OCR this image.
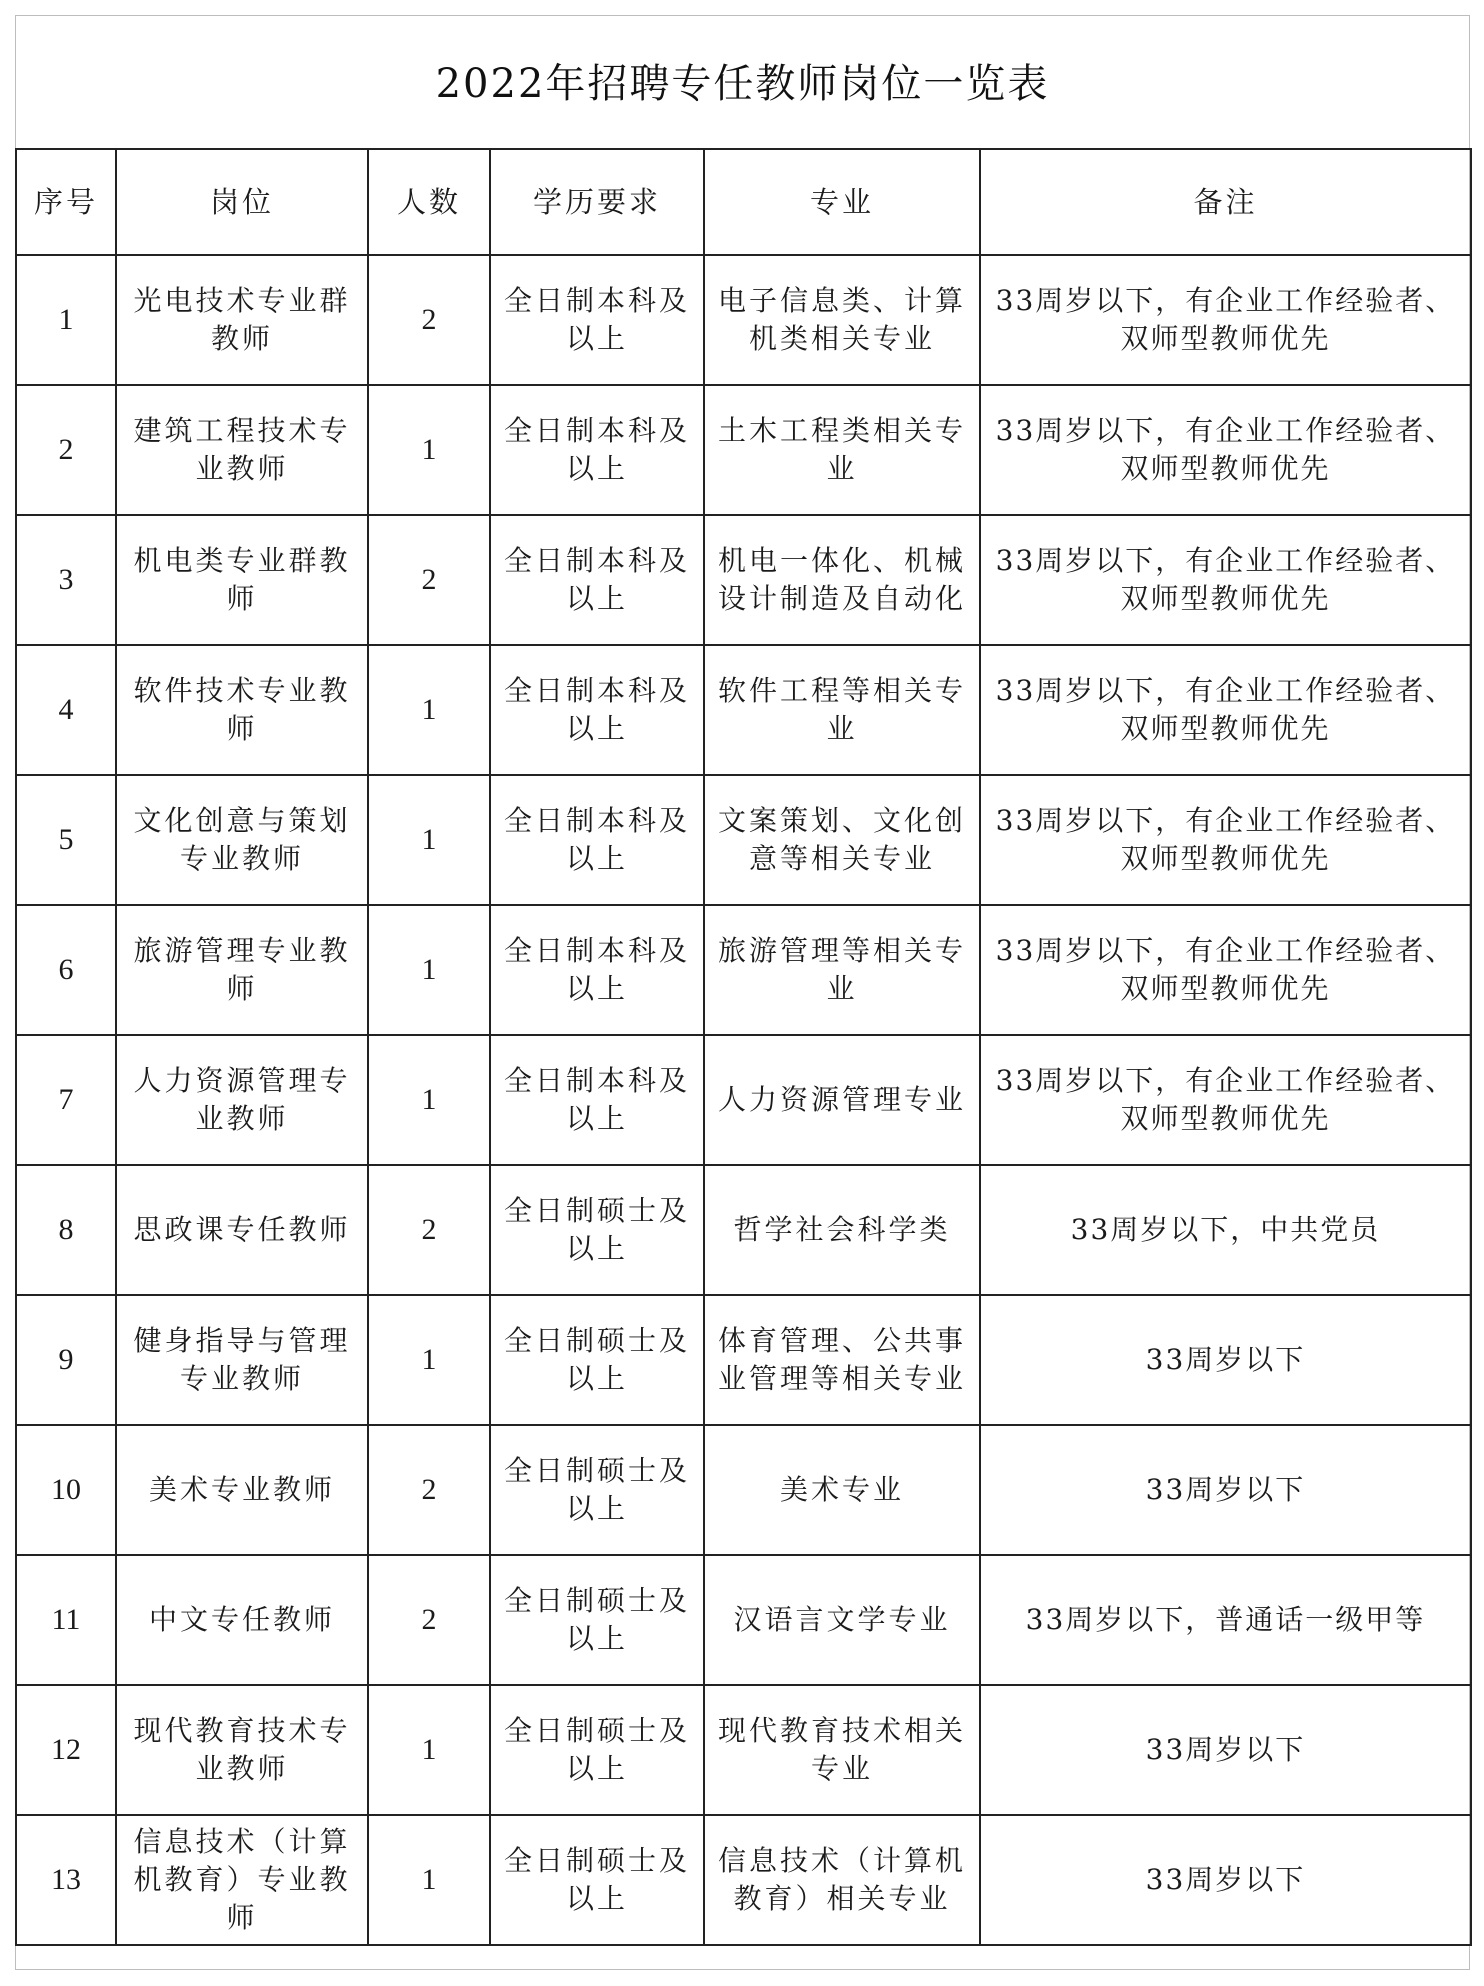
2022年招聘专任教师岗位一览表
序号	岗位	人数	学历要求	专业	备注
1	光电技术专业群教师	2	全日制本科及以上	电子信息类、计算机类相关专业	33周岁以下，有企业工作经验者、双师型教师优先
2	建筑工程技术专业教师	1	全日制本科及以上	土木工程类相关专业	33周岁以下，有企业工作经验者、双师型教师优先
3	机电类专业群教师	2	全日制本科及以上	机电一体化、机械设计制造及自动化	33周岁以下，有企业工作经验者、双师型教师优先
4	软件技术专业教师	1	全日制本科及以上	软件工程等相关专业	33周岁以下，有企业工作经验者、双师型教师优先
5	文化创意与策划专业教师	1	全日制本科及以上	文案策划、文化创意等相关专业	33周岁以下，有企业工作经验者、双师型教师优先
6	旅游管理专业教师	1	全日制本科及以上	旅游管理等相关专业	33周岁以下，有企业工作经验者、双师型教师优先
7	人力资源管理专业教师	1	全日制本科及以上	人力资源管理专业	33周岁以下，有企业工作经验者、双师型教师优先
8	思政课专任教师	2	全日制硕士及以上	哲学社会科学类	33周岁以下，中共党员
9	健身指导与管理专业教师	1	全日制硕士及以上	体育管理、公共事业管理等相关专业	33周岁以下
10	美术专业教师	2	全日制硕士及以上	美术专业	33周岁以下
11	中文专任教师	2	全日制硕士及以上	汉语言文学专业	33周岁以下，普通话一级甲等
12	现代教育技术专业教师	1	全日制硕士及以上	现代教育技术相关专业	33周岁以下
13	信息技术（计算机教育）专业教师	1	全日制硕士及以上	信息技术（计算机教育）相关专业	33周岁以下
